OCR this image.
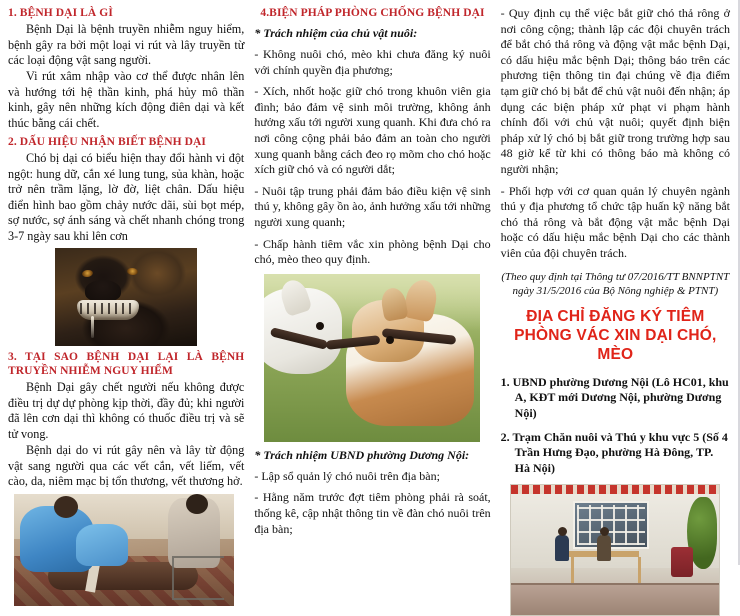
1. BỆNH DẠI LÀ GÌ

Bệnh Dại là bệnh truyền nhiễm nguy hiểm, bệnh gây ra bởi một loại vi rút và lây truyền từ các loại động vật sang người.

Vi rút xâm nhập vào cơ thể được nhân lên và hướng tới hệ thần kinh, phá hủy mô thần kinh, gây nên những kích động điên dại và kết thúc bằng cái chết.

2. DẤU HIỆU NHẬN BIẾT BỆNH DẠI

Chó bị dại có biểu hiện thay đổi hành vi đột ngột: hung dữ, cắn xé lung tung, sủa khàn, hoặc trở nên trầm lặng, lờ đờ, liệt chân. Dấu hiệu điển hình bao gồm chảy nước dãi, sùi bọt mép, sợ nước, sợ ánh sáng và chết nhanh chóng trong 3-7 ngày sau khi lên cơn

3. TẠI SAO BỆNH DẠI LẠI LÀ BỆNH TRUYỀN NHIỄM NGUY HIỂM

Bệnh Dại gây chết người nếu không được điều trị dự dự phòng kịp thời, đầy đủ; khi người đã lên cơn dại thì không có thuốc điều trị và sẽ tử vong.

Bệnh dại do vi rút gây nên và lây từ động vật sang người qua các vết cắn, vết liếm, vết cào, da, niêm mạc bị tổn thương, vết thương hở.

4.BIỆN PHÁP PHÒNG CHỐNG BỆNH DẠI

* Trách nhiệm của chủ vật nuôi:

- Không nuôi chó, mèo khi chưa đăng ký nuôi với chính quyền địa phương;

- Xích, nhốt hoặc giữ chó trong khuôn viên gia đình; bảo đảm vệ sinh môi trường, không ảnh hưởng xấu tới người xung quanh. Khi đưa chó ra nơi công cộng phải bảo đảm an toàn cho người xung quanh bằng cách đeo rọ mõm cho chó hoặc xích giữ chó và có người dắt;

- Nuôi tập trung phải đảm bảo điều kiện vệ sinh thú y, không gây ồn ào, ảnh hưởng xấu tới những người xung quanh;

- Chấp hành tiêm vắc xin phòng bệnh Dại cho chó, mèo theo quy định.

* Trách nhiệm UBND phường Dương Nội:

- Lập sổ quản lý chó nuôi trên địa bàn;

- Hằng năm trước đợt tiêm phòng phải rà soát, thống kê, cập nhật thông tin về đàn chó nuôi trên địa bàn;

- Quy định cụ thể việc bắt giữ chó thả rông ở nơi công cộng; thành lập các đội chuyên trách để bắt chó thả rông và động vật mắc bệnh Dại, có dấu hiệu mắc bệnh Dại; thông báo trên các phương tiện thông tin đại chúng về địa điểm tạm giữ chó bị bắt để chủ vật nuôi đến nhận; áp dụng các biện pháp xử phạt vi phạm hành chính đối với chủ vật nuôi; quyết định biện pháp xử lý chó bị bắt giữ trong trường hợp sau 48 giờ kể từ khi có thông báo mà không có người nhận;

- Phối hợp với cơ quan quản lý chuyên ngành thú y địa phương tổ chức tập huấn kỹ năng bắt chó thả rông và bắt động vật mắc bệnh Dại hoặc có dấu hiệu mắc bệnh Dại cho các thành viên của đội chuyên trách.

(Theo quy định tại Thông tư 07/2016/TT BNNPTNT ngày 31/5/2016 của Bộ Nông nghiệp & PTNT)

ĐỊA CHỈ ĐĂNG KÝ TIÊM PHÒNG VÁC XIN DẠI CHÓ, MÈO

1. UBND phường Dương Nội (Lô HC01, khu A, KĐT mới Dương Nội, phường Dương Nội)

2. Trạm Chăn nuôi và Thú y khu vực 5 (Số 4 Trần Hưng Đạo, phường Hà Đông, TP. Hà Nội)
